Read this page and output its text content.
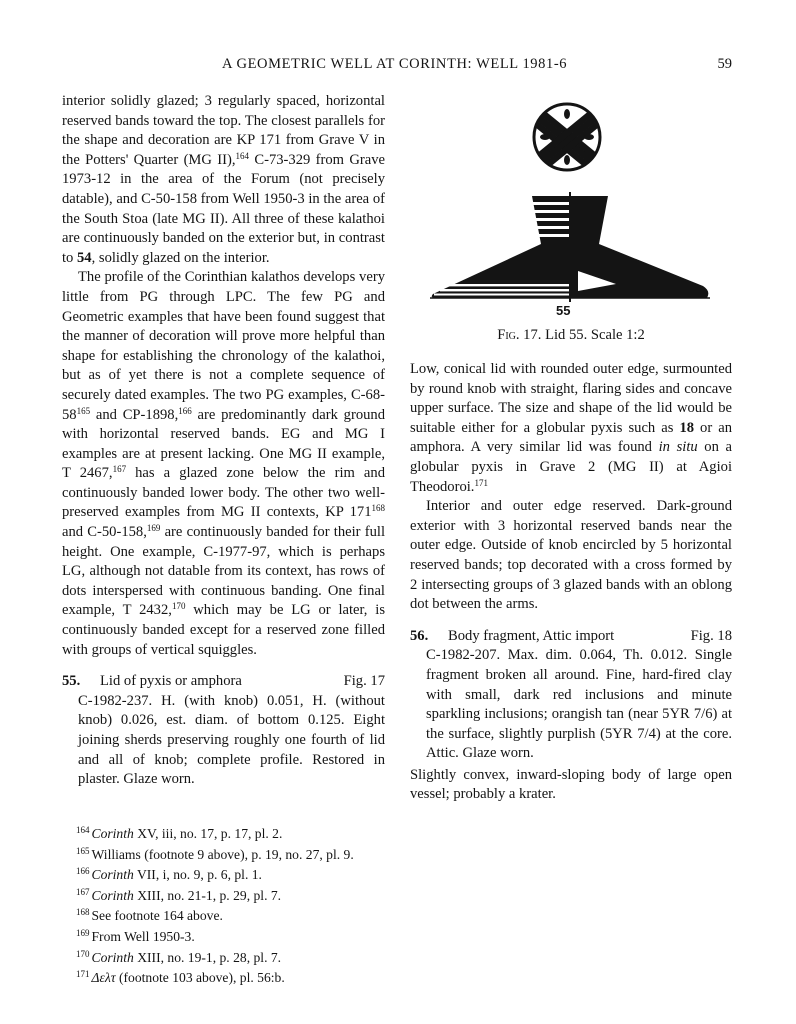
A GEOMETRIC WELL AT CORINTH: WELL 1981-6	59

interior solidly glazed; 3 regularly spaced, horizontal reserved bands toward the top. The closest parallels for the shape and decoration are KP 171 from Grave V in the Potters' Quarter (MG II),$^{164}$ C-73-329 from Grave 1973-12 in the area of the Forum (not precisely datable), and C-50-158 from Well 1950-3 in the area of the South Stoa (late MG II). All three of these kalathoi are continuously banded on the exterior but, in contrast to 54, solidly glazed on the interior.

The profile of the Corinthian kalathos develops very little from PG through LPC. The few PG and Geometric examples that have been found suggest that the manner of decoration will prove more helpful than shape for establishing the chronology of the kalathoi, but as of yet there is not a complete sequence of securely dated examples. The two PG examples, $C-68-58^{165}$ and CP-1898,$^{166}$ are predominantly dark ground with horizontal reserved bands. EG and MG I examples are at present lacking. One MG II example, T 2467,$^{167}$ has a glazed zone below the rim and continuously banded lower body. The other two well-preserved examples from MG II contexts, KP $171^{168}$ and C-50-158,$^{169}$ are continuously banded for their full height. One example, C-1977-97, which is perhaps LG, although not datable from its context, has rows of dots interspersed with continuous banding. One final example, T 2432,$^{170}$ which may be LG or later, is continuously banded except for a reserved zone filled with groups of vertical squiggles.

55. Lid of pyxis or amphora	Fig. 17

C-1982-237. H. (with knob) 0.051, H. (without knob) 0.026, est. diam. of bottom 0.125. Eight joining sherds preserving roughly one fourth of lid and all of knob; complete profile. Restored in plaster. Glaze worn.

55
Fig. 17. Lid 55. Scale 1:2

Low, conical lid with rounded outer edge, surmounted by round knob with straight, flaring sides and concave upper surface. The size and shape of the lid would be suitable either for a globular pyxis such as 18 or an amphora. A very similar lid was found in situ on a globular pyxis in Grave 2 (MG II) at Agioi Theodoroi.$^{171}$

Interior and outer edge reserved. Dark-ground exterior with 3 horizontal reserved bands near the outer edge. Outside of knob encircled by 5 horizontal reserved bands; top decorated with a cross formed by 2 intersecting groups of 3 glazed bands with an oblong dot between the arms.

56. Body fragment, Attic import	Fig. 18

C-1982-207. Max. dim. 0.064, Th. 0.012. Single fragment broken all around. Fine, hard-fired clay with small, dark red inclusions and minute sparkling inclusions; orangish tan (near 5YR 7/6) at the surface, slightly purplish (5YR 7/4) at the core. Attic. Glaze worn.

Slightly convex, inward-sloping body of large open vessel; probably a krater.

$^{164}$ Corinth XV, iii, no. 17, p. 17, pl. 2.
$^{165}$ Williams (footnote 9 above), p. 19, no. 27, pl. 9.
$^{166}$ Corinth VII, i, no. 9, p. 6, pl. 1.
$^{167}$ Corinth XIII, no. 21-1, p. 29, pl. 7.
$^{168}$ See footnote 164 above.
$^{169}$ From Well 1950-3.
$^{170}$ Corinth XIII, no. 19-1, p. 28, pl. 7.
$^{171}$ Δελτ (footnote 103 above), pl. 56:b.
